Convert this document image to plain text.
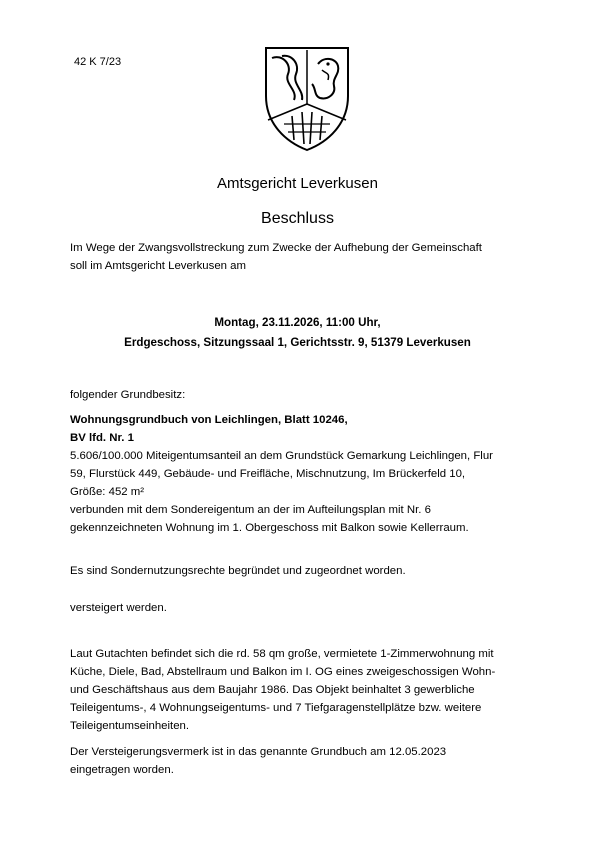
42 K 7/23
Amtsgericht Leverkusen
Beschluss
Im Wege der Zwangsvollstreckung zum Zwecke der Aufhebung der Gemeinschaft
soll im Amtsgericht Leverkusen am
Montag, 23.11.2026, 11:00 Uhr,
Erdgeschoss, Sitzungssaal 1, Gerichtsstr. 9, 51379 Leverkusen
folgender Grundbesitz:
Wohnungsgrundbuch von Leichlingen, Blatt 10246,
BV lfd. Nr. 1
5.606/100.000 Miteigentumsanteil an dem Grundstück Gemarkung Leichlingen, Flur
59, Flurstück 449, Gebäude- und Freifläche, Mischnutzung, Im Brückerfeld 10,
Größe: 452 m²
verbunden mit dem Sondereigentum an der im Aufteilungsplan mit Nr. 6
gekennzeichneten Wohnung im 1. Obergeschoss mit Balkon sowie Kellerraum.
Es sind Sondernutzungsrechte begründet und zugeordnet worden.
versteigert werden.
Laut Gutachten befindet sich die rd. 58 qm große, vermietete 1-Zimmerwohnung mit
Küche, Diele, Bad, Abstellraum und Balkon im I. OG eines zweigeschossigen Wohn-
und Geschäftshaus aus dem Baujahr 1986. Das Objekt beinhaltet 3 gewerbliche
Teileigentums-, 4 Wohnungseigentums- und 7 Tiefgaragenstellplätze bzw. weitere
Teileigentumseinheiten.
Der Versteigerungsvermerk ist in das genannte Grundbuch am 12.05.2023
eingetragen worden.
